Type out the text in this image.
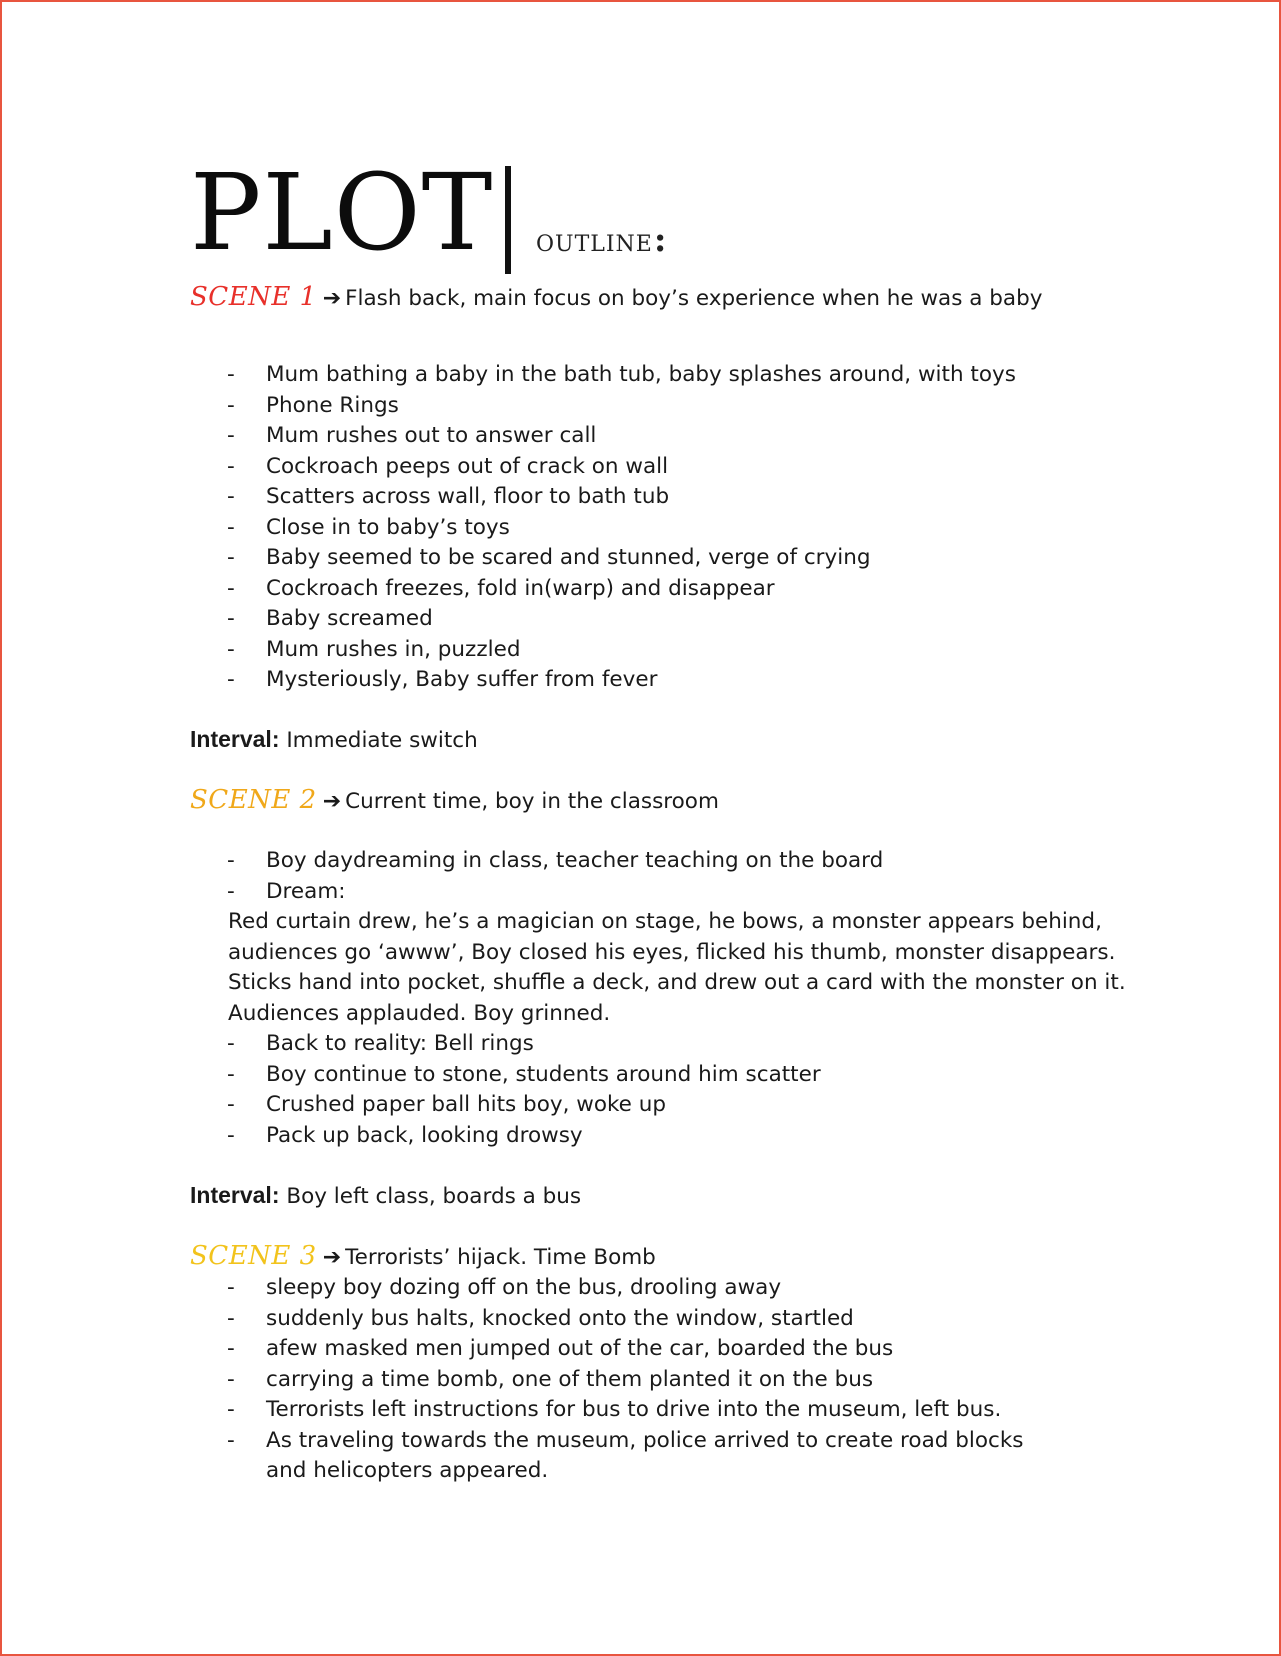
PLOT OUTLINE:
SCENE 1 ➔ Flash back, main focus on boy’s experience when he was a baby
- Mum bathing a baby in the bath tub, baby splashes around, with toys
- Phone Rings
- Mum rushes out to answer call
- Cockroach peeps out of crack on wall
- Scatters across wall, floor to bath tub
- Close in to baby’s toys
- Baby seemed to be scared and stunned, verge of crying
- Cockroach freezes, fold in(warp) and disappear
- Baby screamed
- Mum rushes in, puzzled
- Mysteriously, Baby suffer from fever
Interval: Immediate switch
SCENE 2 ➔ Current time, boy in the classroom
- Boy daydreaming in class, teacher teaching on the board
- Dream:
Red curtain drew, he’s a magician on stage, he bows, a monster appears behind,
audiences go ‘awww’, Boy closed his eyes, flicked his thumb, monster disappears.
Sticks hand into pocket, shuffle a deck, and drew out a card with the monster on it.
Audiences applauded. Boy grinned.
- Back to reality: Bell rings
- Boy continue to stone, students around him scatter
- Crushed paper ball hits boy, woke up
- Pack up back, looking drowsy
Interval: Boy left class, boards a bus
SCENE 3 ➔ Terrorists’ hijack. Time Bomb
- sleepy boy dozing off on the bus, drooling away
- suddenly bus halts, knocked onto the window, startled
- afew masked men jumped out of the car, boarded the bus
- carrying a time bomb, one of them planted it on the bus
- Terrorists left instructions for bus to drive into the museum, left bus.
- As traveling towards the museum, police arrived to create road blocks and helicopters appeared.
